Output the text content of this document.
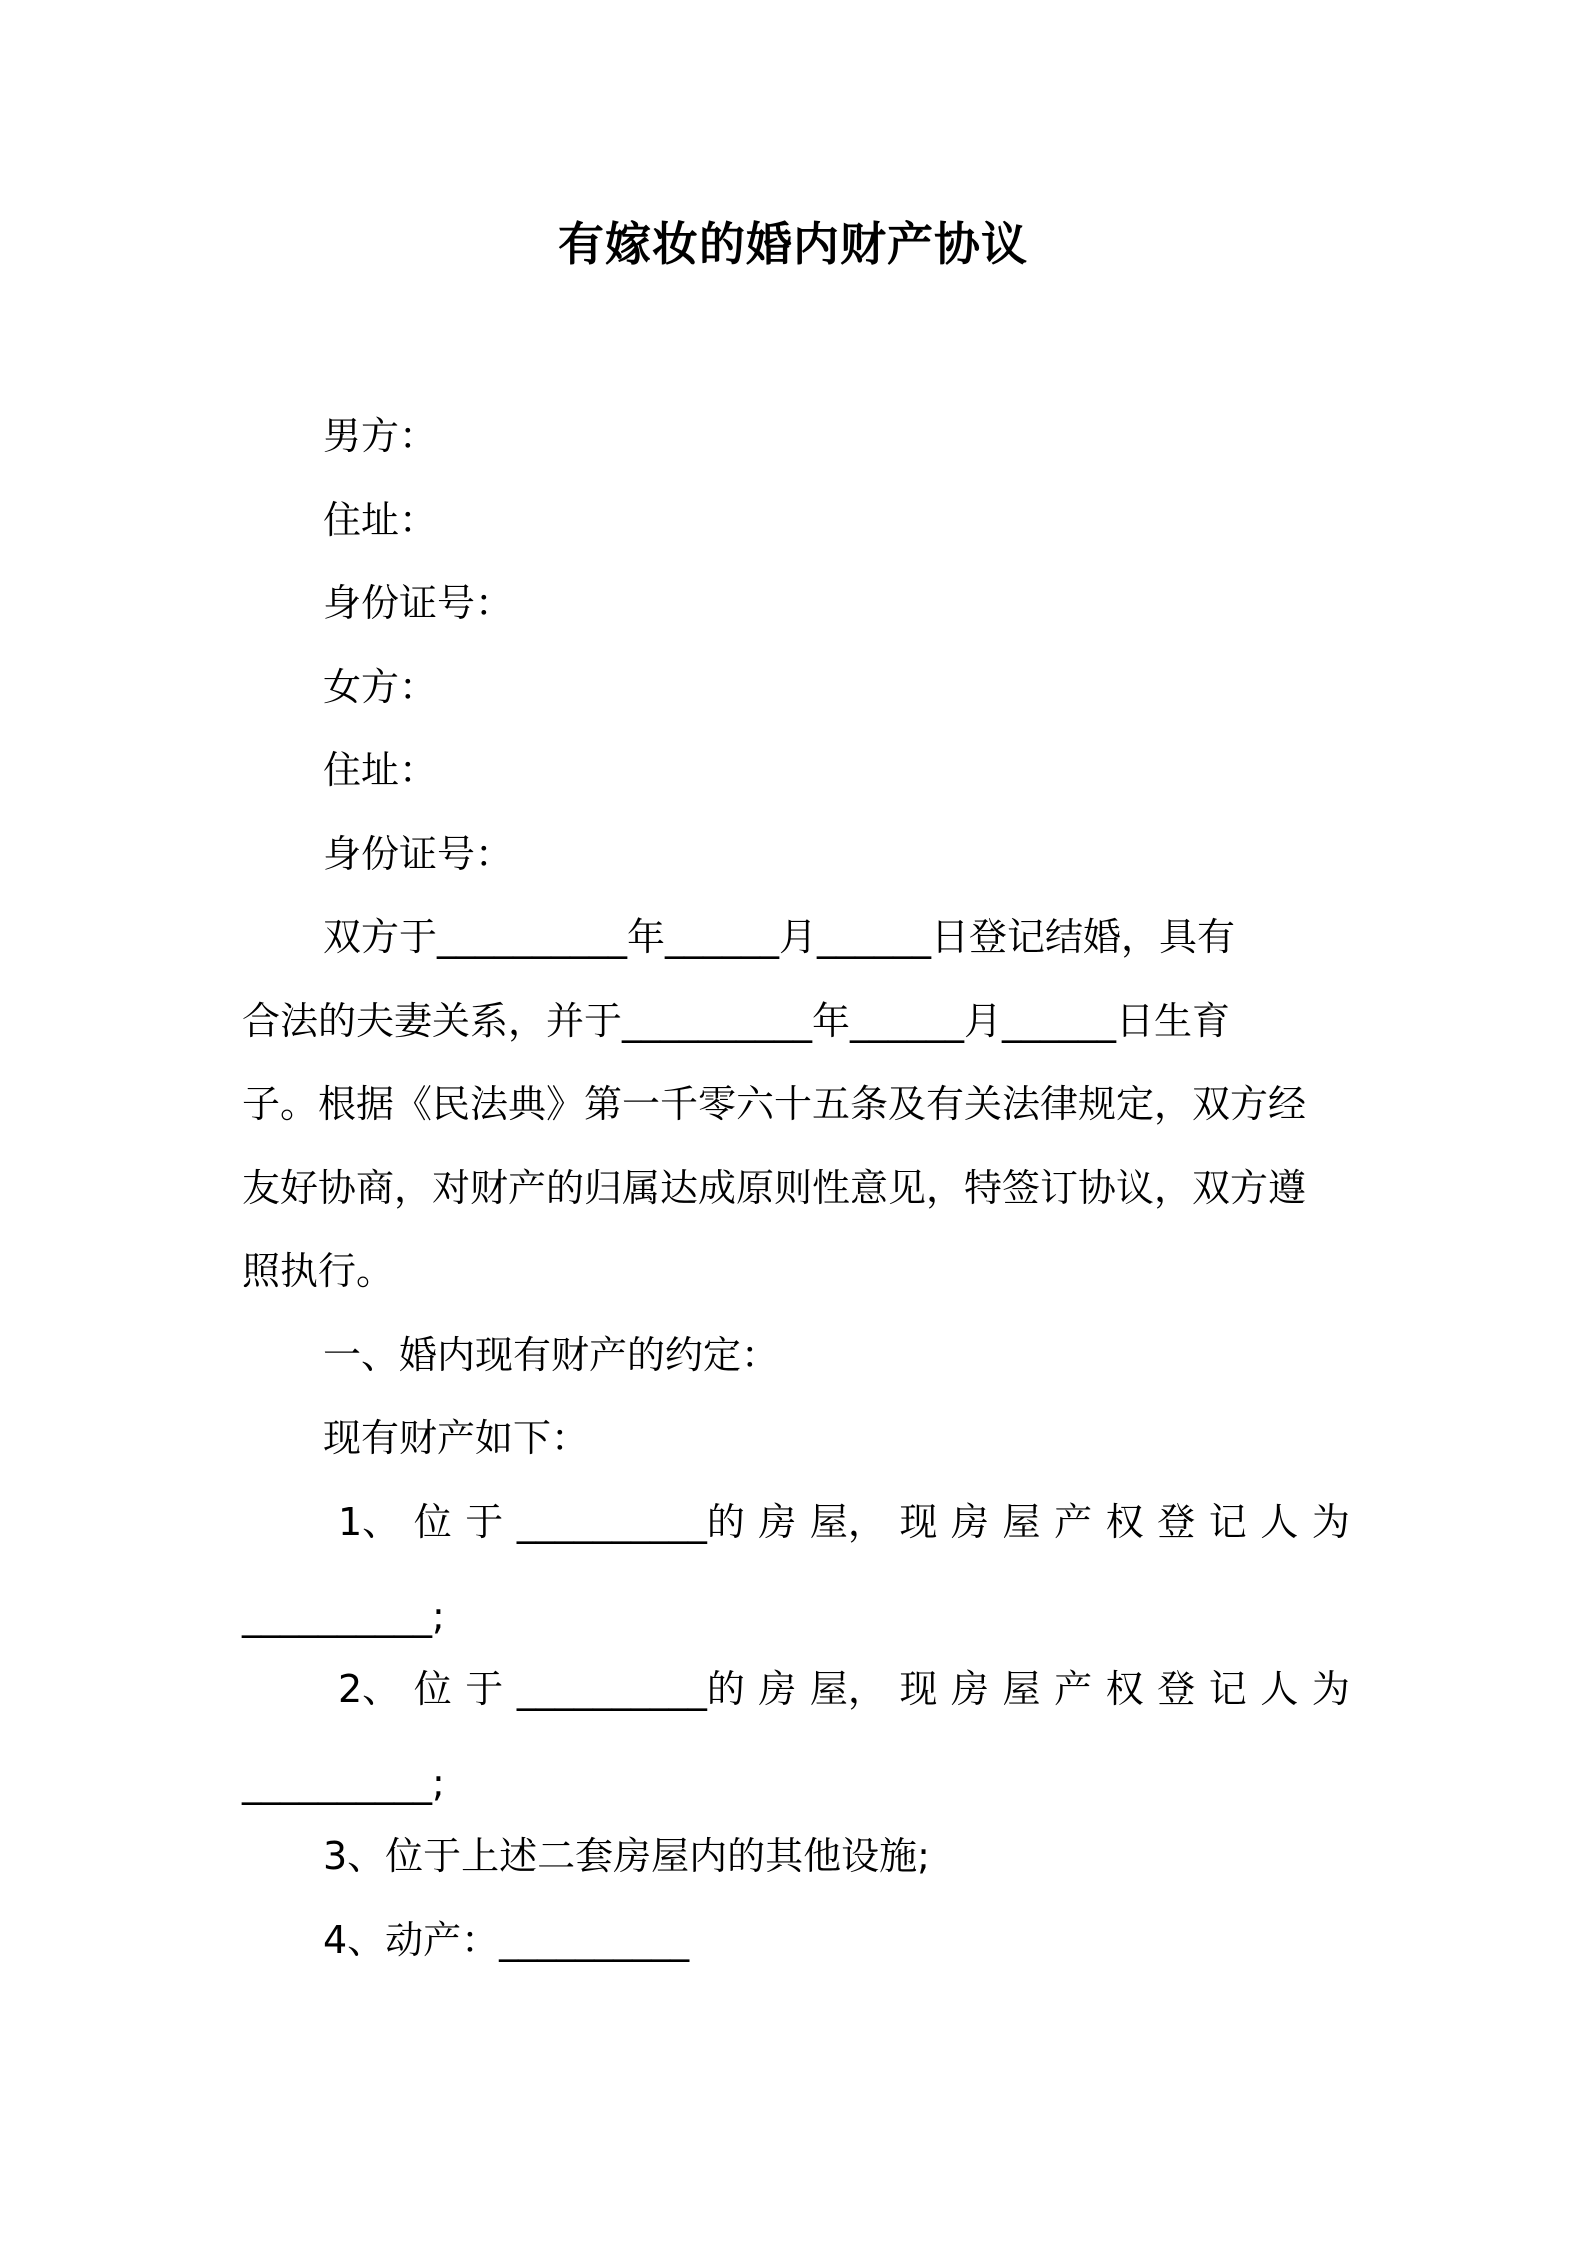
有嫁妆的婚内财产协议
男方：
住址：
身份证号：
女方：
住址：
身份证号：
双方于__________年______月______日登记结婚，具有
合法的夫妻关系，并于__________年______月______日生育
子。根据《民法典》第一千零六十五条及有关法律规定，双方经
友好协商，对财产的归属达成原则性意见，特签订协议，双方遵
照执行。
一、婚内现有财产的约定：
现有财产如下：
1、 位 于 __________的 房 屋， 现 房 屋 产 权 登 记 人 为
__________;
2、 位 于 __________的 房 屋， 现 房 屋 产 权 登 记 人 为
__________;
3、位于上述二套房屋内的其他设施;
4、动产：__________
